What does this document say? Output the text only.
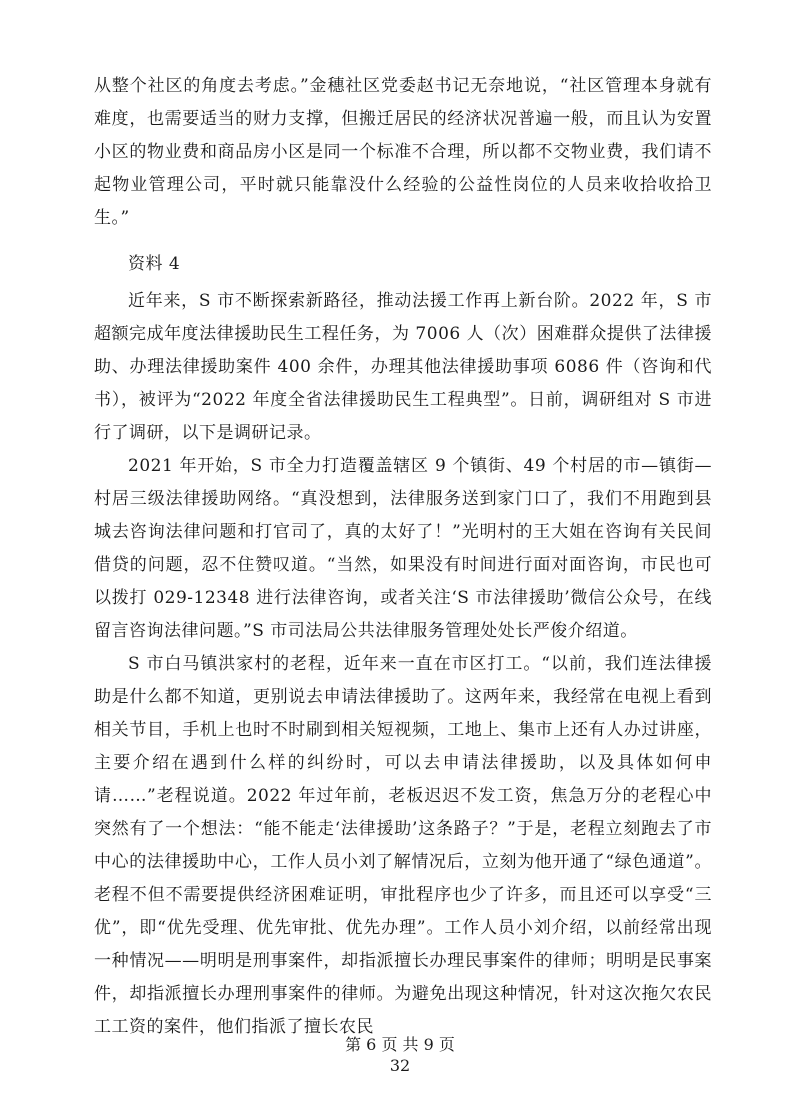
从整个社区的角度去考虑。”金穗社区党委赵书记无奈地说，“社区管理本身就有难度，也需要适当的财力支撑，但搬迁居民的经济状况普遍一般，而且认为安置小区的物业费和商品房小区是同一个标准不合理，所以都不交物业费，我们请不起物业管理公司，平时就只能靠没什么经验的公益性岗位的人员来收拾收拾卫生。”

资料 4

近年来，S 市不断探索新路径，推动法援工作再上新台阶。2022 年，S 市超额完成年度法律援助民生工程任务，为 7006 人（次）困难群众提供了法律援助、办理法律援助案件 400 余件，办理其他法律援助事项 6086 件（咨询和代书），被评为“2022 年度全省法律援助民生工程典型”。日前，调研组对 S 市进行了调研，以下是调研记录。

2021 年开始，S 市全力打造覆盖辖区 9 个镇街、49 个村居的市—镇街—村居三级法律援助网络。“真没想到，法律服务送到家门口了，我们不用跑到县城去咨询法律问题和打官司了，真的太好了！”光明村的王大姐在咨询有关民间借贷的问题，忍不住赞叹道。“当然，如果没有时间进行面对面咨询，市民也可以拨打 029-12348 进行法律咨询，或者关注‘S 市法律援助’微信公众号，在线留言咨询法律问题。”S 市司法局公共法律服务管理处处长严俊介绍道。

S 市白马镇洪家村的老程，近年来一直在市区打工。“以前，我们连法律援助是什么都不知道，更别说去申请法律援助了。这两年来，我经常在电视上看到相关节目，手机上也时不时刷到相关短视频，工地上、集市上还有人办过讲座，主要介绍在遇到什么样的纠纷时，可以去申请法律援助，以及具体如何申请……”老程说道。2022 年过年前，老板迟迟不发工资，焦急万分的老程心中突然有了一个想法：“能不能走‘法律援助’这条路子？”于是，老程立刻跑去了市中心的法律援助中心，工作人员小刘了解情况后，立刻为他开通了“绿色通道”。老程不但不需要提供经济困难证明，审批程序也少了许多，而且还可以享受“三优”，即“优先受理、优先审批、优先办理”。工作人员小刘介绍，以前经常出现一种情况——明明是刑事案件，却指派擅长办理民事案件的律师；明明是民事案件，却指派擅长办理刑事案件的律师。为避免出现这种情况，针对这次拖欠农民工工资的案件，他们指派了擅长农民

第 6 页 共 9 页
32
